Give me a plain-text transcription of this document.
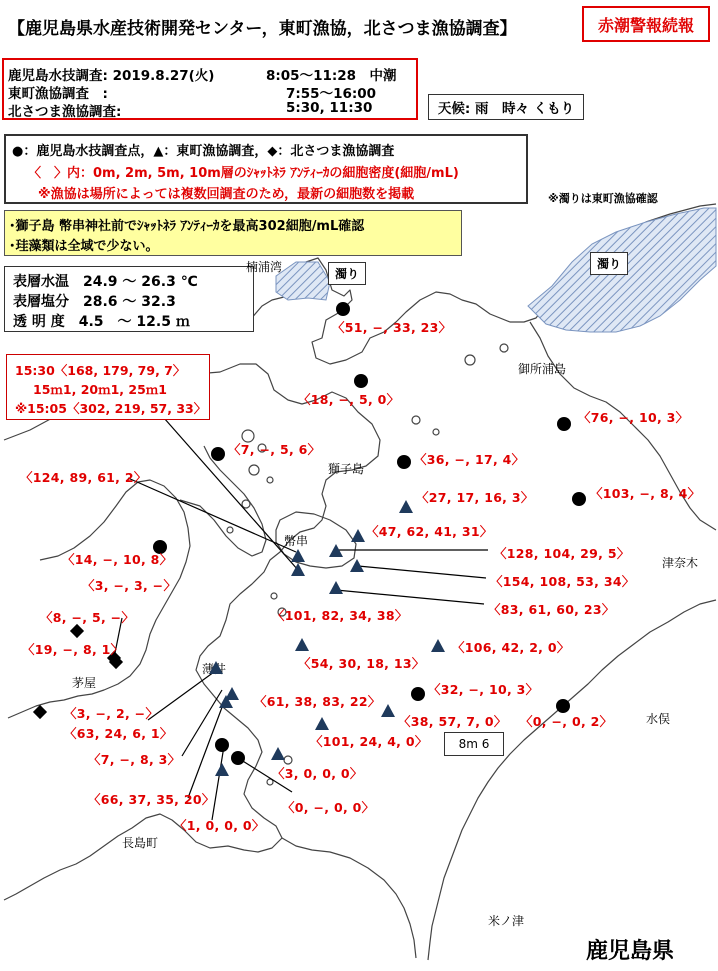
【鹿児島県水産技術開発センター，東町漁協，北さつま漁協調査】	赤潮警報続報
鹿児島水技調査: 2019.8.27(火)	8:05～11:28　中潮
東町漁協調査　:	7:55～16:00
北さつま漁協調査:	5:30, 11:30	天候: 雨　時々 くもり
●：鹿児島水技調査点，▲：東町漁協調査，◆：北さつま漁協調査
〈　〉内：0m, 2m, 5m, 10m層のｼｬｯﾄﾈﾗ ｱﾝﾃｨｰｶの細胞密度(細胞/mL)
※漁協は場所によっては複数回調査のため，最新の細胞数を掲載	※濁りは東町漁協確認
･獅子島 幣串神社前でｼｬｯﾄﾈﾗ ｱﾝﾃｨｰｶを最高302細胞/mL確認
･珪藻類は全域で少ない。
表層水温　24.9 ～ 26.3 ℃
表層塩分　28.6 ～ 32.3
透 明 度　4.5　～ 12.5 ｍ
15:30〈168, 179, 79, 7〉
15ｍ1, 20ｍ1, 25ｍ1
※15:05〈302, 219, 57, 33〉
濁り
濁り
楠浦湾
御所浦島
獅子島
幣串
津奈木
薄井
茅屋
水俣
長島町
米ノ津
8m 6
鹿児島県
〈51, −, 33, 23〉
〈18, −, 5, 0〉
〈76, −, 10, 3〉
〈7, −, 5, 6〉
〈36, −, 17, 4〉
〈27, 17, 16, 3〉	〈103, −, 8, 4〉
〈47, 62, 41, 31〉
〈14, −, 10, 8〉	〈128, 104, 29, 5〉
〈154, 108, 53, 34〉
〈83, 61, 60, 23〉
〈101, 82, 34, 38〉
〈124, 89, 61, 2〉
〈3, −, 3, −〉
〈8, −, 5, −〉
〈19, −, 8, 1〉	〈106, 42, 2, 0〉
〈54, 30, 18, 13〉
〈32, −, 10, 3〉
〈3, −, 2, −〉
〈63, 24, 6, 1〉
〈61, 38, 83, 22〉
〈38, 57, 7, 0〉 〈0, −, 0, 2〉
〈101, 24, 4, 0〉
〈7, −, 8, 3〉
〈3, 0, 0, 0〉
〈66, 37, 35, 20〉
〈0, −, 0, 0〉
〈1, 0, 0, 0〉
